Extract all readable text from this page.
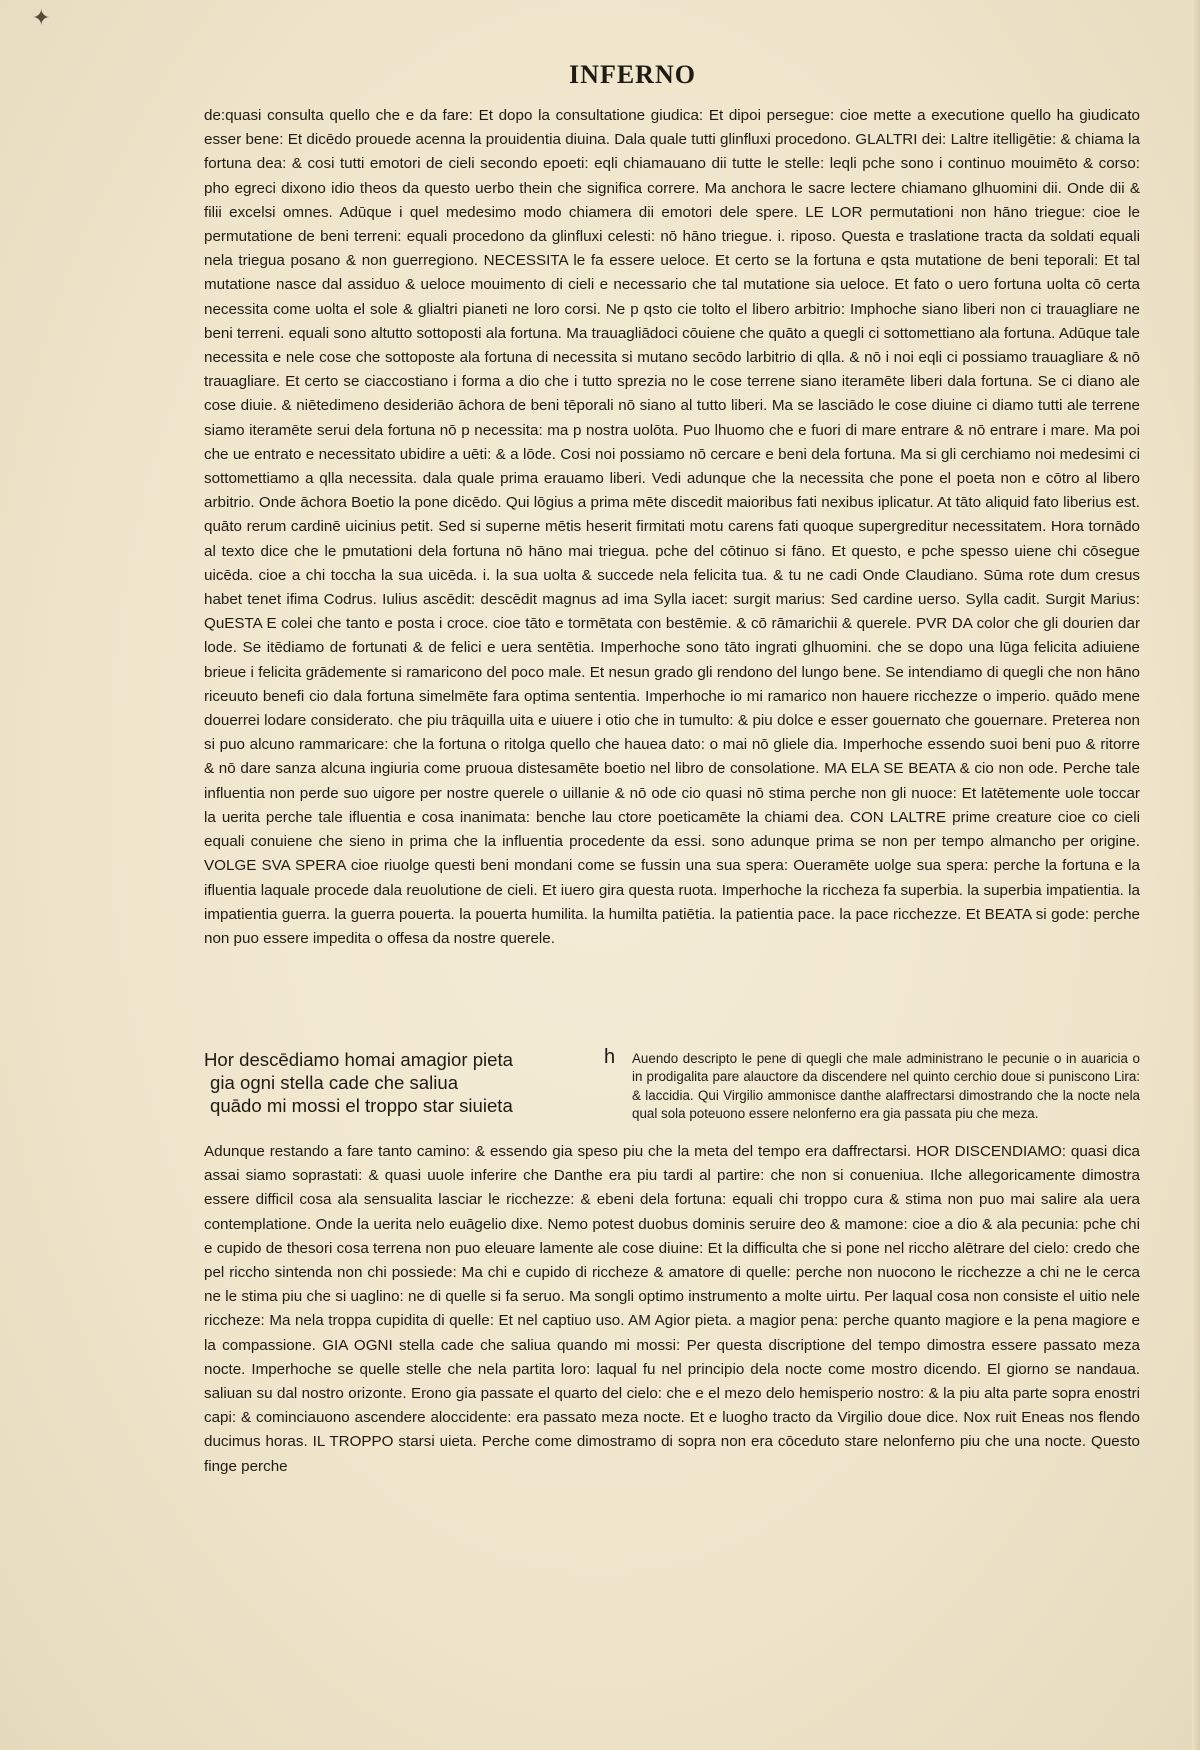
✦
INFERNO
de:quasi consulta quello che e da fare: Et dopo la consultatione giudica: Et dipoi persegue: cioe mette a executione quello ha giudicato esser bene: Et dicēdo prouede acenna la prouidentia diuina. Dala quale tutti glinfluxi procedono. GLALTRI dei: Laltre itelligētie: & chiama la fortuna dea: & cosi tutti emotori de cieli secondo epoeti: eqli chiamauano dii tutte le stelle: leqli pche sono i continuo mouimēto & corso: pho egreci dixono idio theos da questo uerbo thein che significa correre. Ma anchora le sacre lectere chiamano glhuomini dii. Onde dii & filii excelsi omnes. Adūque i quel medesimo modo chiamera dii emotori dele spere. LE LOR permutationi non hāno triegue: cioe le permutatione de beni terreni: equali procedono da glinfluxi celesti: nō hāno triegue. i. riposo. Questa e traslatione tracta da soldati equali nela triegua posano & non guerregiono. NECESSITA le fa essere ueloce. Et certo se la fortuna e qsta mutatione de beni teporali: Et tal mutatione nasce dal assiduo & ueloce mouimento di cieli e necessario che tal mutatione sia ueloce. Et fato o uero fortuna uolta cō certa necessita come uolta el sole & glialtri pianeti ne loro corsi. Ne p qsto cie tolto el libero arbitrio: Imphoche siano liberi non ci trauagliare ne beni terreni. equali sono altutto sottoposti ala fortuna. Ma trauagliādoci cōuiene che quāto a quegli ci sottomettiano ala fortuna. Adūque tale necessita e nele cose che sottoposte ala fortuna di necessita si mutano secōdo larbitrio di qlla. & nō i noi eqli ci possiamo trauagliare & nō trauagliare. Et certo se ciaccostiano i forma a dio che i tutto sprezia no le cose terrene siano iteramēte liberi dala fortuna. Se ci diano ale cose diuie. & niētedimeno desideriāo āchora de beni tēporali nō siano al tutto liberi. Ma se lasciādo le cose diuine ci diamo tutti ale terrene siamo iteramēte serui dela fortuna nō p necessita: ma p nostra uolōta. Puo lhuomo che e fuori di mare entrare & nō entrare i mare. Ma poi che ue entrato e necessitato ubidire a uēti: & a lōde. Cosi noi possiamo nō cercare e beni dela fortuna. Ma si gli cerchiamo noi medesimi ci sottomettiamo a qlla necessita. dala quale prima erauamo liberi. Vedi adunque che la necessita che pone el poeta non e cōtro al libero arbitrio. Onde āchora Boetio la pone dicēdo. Qui lōgius a prima mēte discedit maioribus fati nexibus iplicatur. At tāto aliquid fato liberius est. quāto rerum cardinē uicinius petit. Sed si superne mētis heserit firmitati motu carens fati quoque supergreditur necessitatem. Hora tornādo al texto dice che le pmutationi dela fortuna nō hāno mai triegua. pche del cōtinuo si fāno. Et questo, e pche spesso uiene chi cōsegue uicēda. cioe a chi toccha la sua uicēda. i. la sua uolta & succede nela felicita tua. & tu ne cadi Onde Claudiano. Sūma rote dum cresus habet tenet ifima Codrus. Iulius ascēdit: descēdit magnus ad ima Sylla iacet: surgit marius: Sed cardine uerso. Sylla cadit. Surgit Marius: QuESTA E colei che tanto e posta i croce. cioe tāto e tormētata con bestēmie. & cō rāmarichii & querele. PVR DA color che gli dourien dar lode. Se itēdiamo de fortunati & de felici e uera sentētia. Imperhoche sono tāto ingrati glhuomini. che se dopo una lūga felicita adiuiene brieue i felicita grādemente si ramaricono del poco male. Et nesun grado gli rendono del lungo bene. Se intendiamo di quegli che non hāno riceuuto benefi cio dala fortuna simelmēte fara optima sententia. Imperhoche io mi ramarico non hauere ricchezze o imperio. quādo mene douerrei lodare considerato. che piu trāquilla uita e uiuere i otio che in tumulto: & piu dolce e esser gouernato che gouernare. Preterea non si puo alcuno rammaricare: che la fortuna o ritolga quello che hauea dato: o mai nō gliele dia. Imperhoche essendo suoi beni puo & ritorre & nō dare sanza alcuna ingiuria come pruoua distesamēte boetio nel libro de consolatione. MA ELA SE BEATA & cio non ode. Perche tale influentia non perde suo uigore per nostre querele o uillanie & nō ode cio quasi nō stima perche non gli nuoce: Et latētemente uole toccar la uerita perche tale ifluentia e cosa inanimata: benche lau ctore poeticamēte la chiami dea. CON LALTRE prime creature cioe co cieli equali conuiene che sieno in prima che la influentia procedente da essi. sono adunque prima se non per tempo almancho per origine. VOLGE SVA SPERA cioe riuolge questi beni mondani come se fussin una sua spera: Oueramēte uolge sua spera: perche la fortuna e la ifluentia laquale procede dala reuolutione de cieli. Et iuero gira questa ruota. Imperhoche la riccheza fa superbia. la superbia impatientia. la impatientia guerra. la guerra pouerta. la pouerta humilita. la humilta patiētia. la patientia pace. la pace ricchezze. Et BEATA si gode: perche non puo essere impedita o offesa da nostre querele.
Hor descēdiamo homai amagior pieta
gia ogni stella cade che saliua
quādo mi mossi el troppo star siuieta
h Auendo descripto le pene di quegli che male administrano le pecunie o in auaricia o in prodigalita pare alauctore da discendere nel quinto cerchio doue si puniscono Lira: & laccidia. Qui Virgilio ammonisce danthe alaffrectarsi dimostrando che la nocte nela qual sola poteuono essere nelonferno era gia passata piu che meza.
Adunque restando a fare tanto camino: & essendo gia speso piu che la meta del tempo era daffrectarsi. HOR DISCENDIAMO: quasi dica assai siamo soprastati: & quasi uuole inferire che Danthe era piu tardi al partire: che non si conueniua. Ilche allegoricamente dimostra essere difficil cosa ala sensualita lasciar le ricchezze: & ebeni dela fortuna: equali chi troppo cura & stima non puo mai salire ala uera contemplatione. Onde la uerita nelo euāgelio dixe. Nemo potest duobus dominis seruire deo & mamone: cioe a dio & ala pecunia: pche chi e cupido de thesori cosa terrena non puo eleuare lamente ale cose diuine: Et la difficulta che si pone nel riccho alētrare del cielo: credo che pel riccho sintenda non chi possiede: Ma chi e cupido di riccheze & amatore di quelle: perche non nuocono le ricchezze a chi ne le cerca ne le stima piu che si uaglino: ne di quelle si fa seruo. Ma songli optimo instrumento a molte uirtu. Per laqual cosa non consiste el uitio nele riccheze: Ma nela troppa cupidita di quelle: Et nel captiuo uso. AM Agior pieta. a magior pena: perche quanto magiore e la pena magiore e la compassione. GIA OGNI stella cade che saliua quando mi mossi: Per questa discriptione del tempo dimostra essere passato meza nocte. Imperhoche se quelle stelle che nela partita loro: laqual fu nel principio dela nocte come mostro dicendo. El giorno se nandaua. saliuan su dal nostro orizonte. Erono gia passate el quarto del cielo: che e el mezo delo hemisperio nostro: & la piu alta parte sopra enostri capi: & cominciauono ascendere aloccidente: era passato meza nocte. Et e luogho tracto da Virgilio doue dice. Nox ruit Eneas nos flendo ducimus horas. IL TROPPO starsi uieta. Perche come dimostramo di sopra non era cōceduto stare nelonferno piu che una nocte. Questo finge perche
